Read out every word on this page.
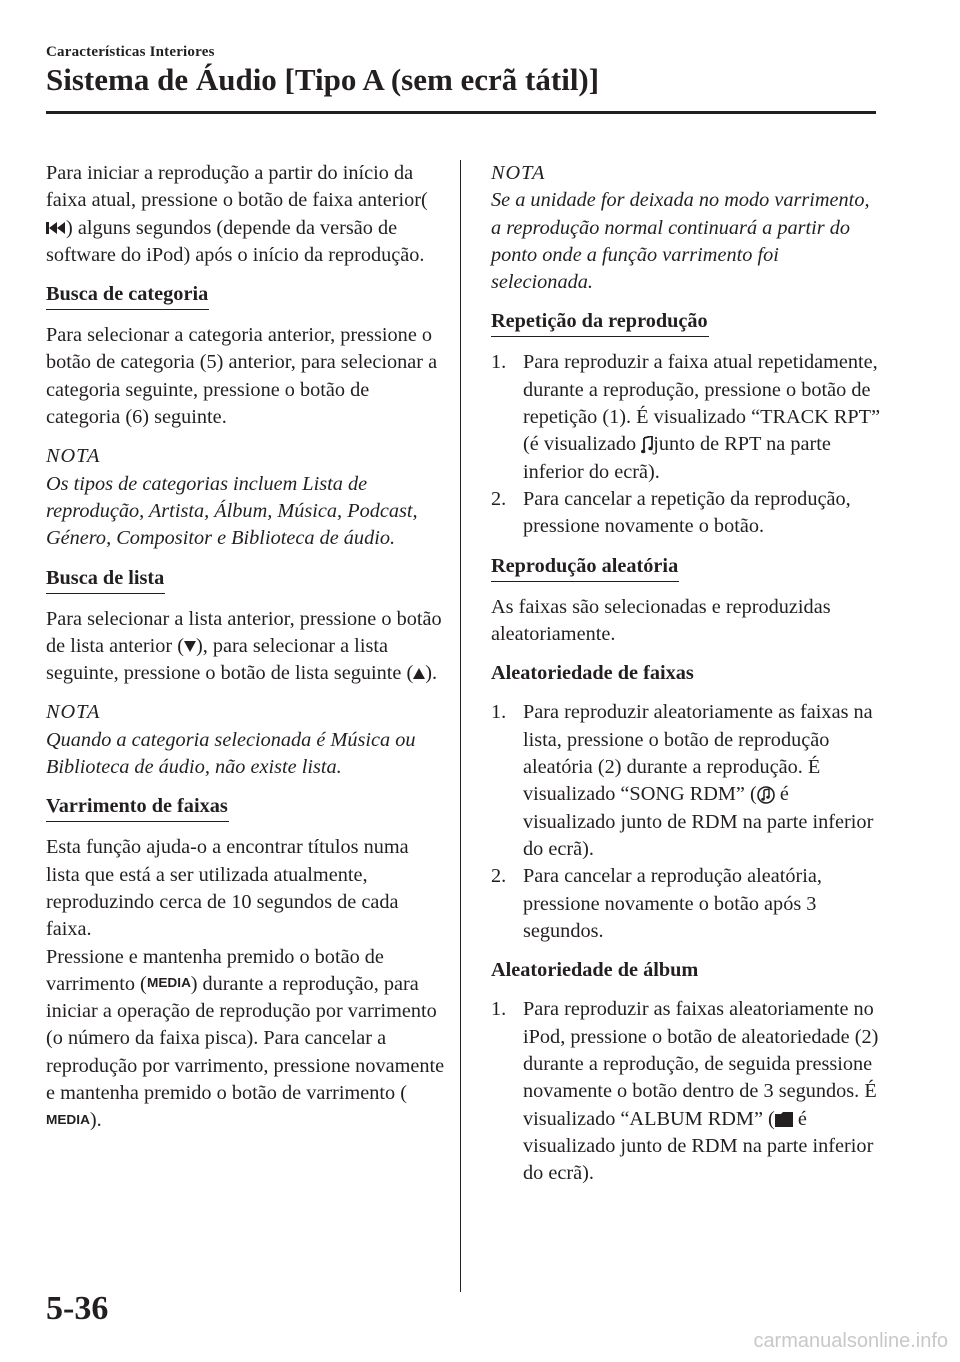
Características Interiores
Sistema de Áudio [Tipo A (sem ecrã tátil)]

Para iniciar a reprodução a partir do início da faixa atual, pressione o botão de faixa anterior(
) alguns segundos (depende da versão de software do iPod) após o início da reprodução.

Busca de categoria

Para selecionar a categoria anterior, pressione o botão de categoria (5) anterior, para selecionar a categoria seguinte, pressione o botão de categoria (6) seguinte.

NOTA

Os tipos de categorias incluem Lista de reprodução, Artista, Álbum, Música, Podcast, Género, Compositor e Biblioteca de áudio.

Busca de lista

Para selecionar a lista anterior, pressione o botão de lista anterior ( ), para selecionar a lista seguinte, pressione o botão de lista seguinte ( ).

NOTA

Quando a categoria selecionada é Música ou Biblioteca de áudio, não existe lista.

Varrimento de faixas

Esta função ajuda-o a encontrar títulos numa lista que está a ser utilizada atualmente, reproduzindo cerca de 10 segundos de cada faixa.

Pressione e mantenha premido o botão de varrimento (MEDIA) durante a reprodução, para iniciar a operação de reprodução por varrimento (o número da faixa pisca). Para cancelar a reprodução por varrimento, pressione novamente e mantenha premido o botão de varrimento (MEDIA).

NOTA

Se a unidade for deixada no modo varrimento, a reprodução normal continuará a partir do ponto onde a função varrimento foi selecionada.

Repetição da reprodução

1. Para reproduzir a faixa atual repetidamente, durante a reprodução, pressione o botão de repetição (1). É visualizado “TRACK RPT” (é visualizado
junto de RPT na parte inferior do ecrã).
2. Para cancelar a repetição da reprodução, pressione novamente o botão.

Reprodução aleatória

As faixas são selecionadas e reproduzidas aleatoriamente.

Aleatoriedade de faixas

1. Para reproduzir aleatoriamente as faixas na lista, pressione o botão de reprodução aleatória (2) durante a reprodução. É visualizado “SONG RDM” (
é visualizado junto de RDM na parte inferior do ecrã).
2. Para cancelar a reprodução aleatória, pressione novamente o botão após 3 segundos.

Aleatoriedade de álbum

1. Para reproduzir as faixas aleatoriamente no iPod, pressione o botão de aleatoriedade (2) durante a reprodução, de seguida pressione novamente o botão dentro de 3 segundos. É visualizado “ALBUM RDM” (
é visualizado junto de RDM na parte inferior do ecrã).
5-36
carmanualsonline.info
